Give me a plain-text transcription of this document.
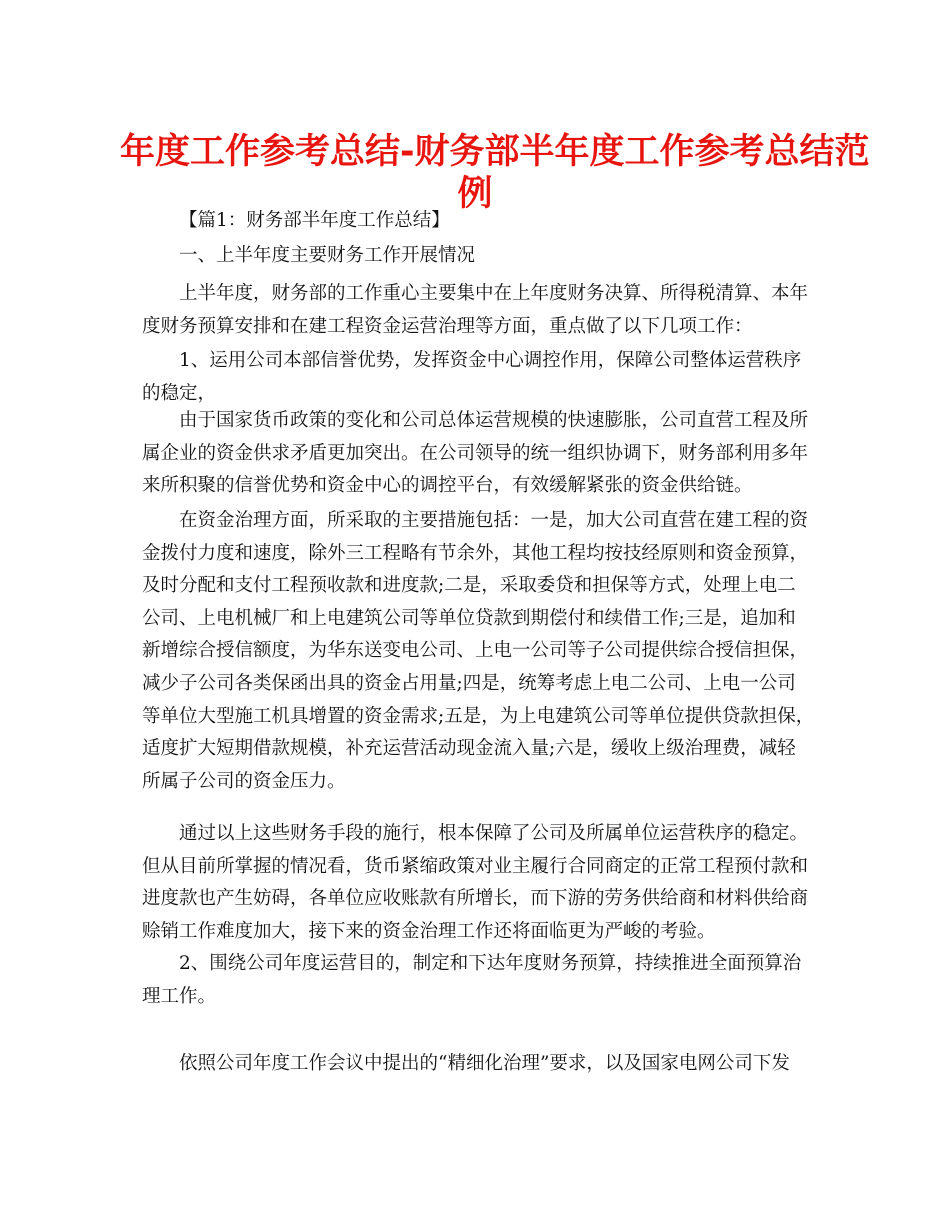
年度工作参考总结-财务部半年度工作参考总结范
例
【篇1：财务部半年度工作总结】
一、上半年度主要财务工作开展情况
上半年度，财务部的工作重心主要集中在上年度财务决算、所得税清算、本年
度财务预算安排和在建工程资金运营治理等方面，重点做了以下几项工作：
1、运用公司本部信誉优势，发挥资金中心调控作用，保障公司整体运营秩序
的稳定，
由于国家货币政策的变化和公司总体运营规模的快速膨胀，公司直营工程及所
属企业的资金供求矛盾更加突出。在公司领导的统一组织协调下，财务部利用多年
来所积聚的信誉优势和资金中心的调控平台，有效缓解紧张的资金供给链。
在资金治理方面，所采取的主要措施包括：一是，加大公司直营在建工程的资
金拨付力度和速度，除外三工程略有节余外，其他工程均按技经原则和资金预算，
及时分配和支付工程预收款和进度款;二是，采取委贷和担保等方式，处理上电二
公司、上电机械厂和上电建筑公司等单位贷款到期偿付和续借工作;三是，追加和
新增综合授信额度，为华东送变电公司、上电一公司等子公司提供综合授信担保，
减少子公司各类保函出具的资金占用量;四是，统筹考虑上电二公司、上电一公司
等单位大型施工机具增置的资金需求;五是，为上电建筑公司等单位提供贷款担保，
适度扩大短期借款规模，补充运营活动现金流入量;六是，缓收上级治理费，减轻
所属子公司的资金压力。
通过以上这些财务手段的施行，根本保障了公司及所属单位运营秩序的稳定。
但从目前所掌握的情况看，货币紧缩政策对业主履行合同商定的正常工程预付款和
进度款也产生妨碍，各单位应收账款有所增长，而下游的劳务供给商和材料供给商
赊销工作难度加大，接下来的资金治理工作还将面临更为严峻的考验。
2、围绕公司年度运营目的，制定和下达年度财务预算，持续推进全面预算治
理工作。
依照公司年度工作会议中提出的“精细化治理”要求，以及国家电网公司下发
